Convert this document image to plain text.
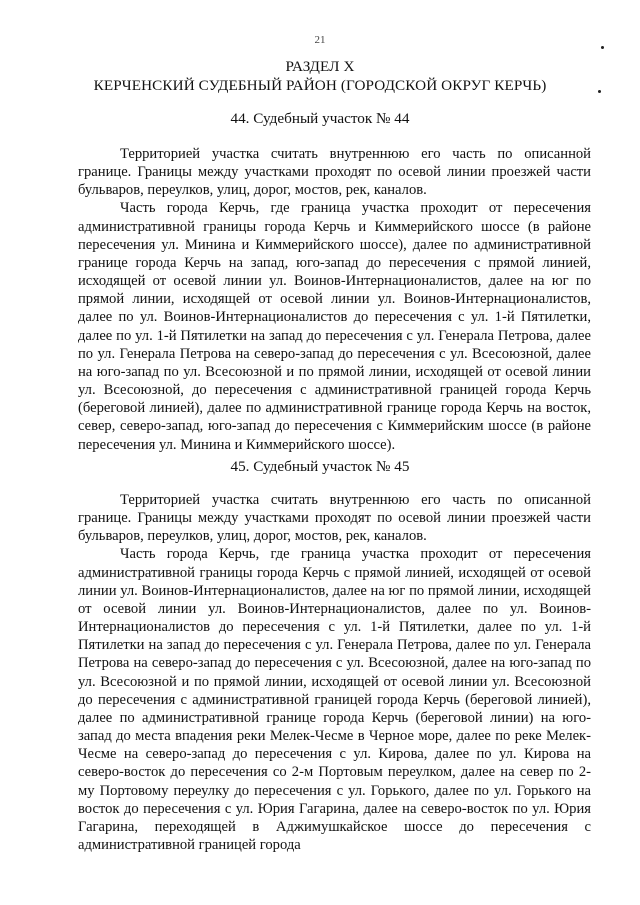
21
РАЗДЕЛ X
КЕРЧЕНСКИЙ СУДЕБНЫЙ РАЙОН (ГОРОДСКОЙ ОКРУГ КЕРЧЬ)
44. Судебный участок № 44

Территорией участка считать внутреннюю его часть по описанной границе. Границы между участками проходят по осевой линии проезжей части бульваров, переулков, улиц, дорог, мостов, рек, каналов.

Часть города Керчь, где граница участка проходит от пересечения административной границы города Керчь и Киммерийского шоссе (в районе пересечения ул. Минина и Киммерийского шоссе), далее по административной границе города Керчь на запад, юго-запад до пересечения с прямой линией, исходящей от осевой линии ул. Воинов-Интернационалистов, далее на юг по прямой линии, исходящей от осевой линии ул. Воинов-Интернационалистов, далее по ул. Воинов-Интернационалистов до пересечения с ул. 1-й Пятилетки, далее по ул. 1-й Пятилетки на запад до пересечения с ул. Генерала Петрова, далее по ул. Генерала Петрова на северо-запад до пересечения с ул. Всесоюзной, далее на юго-запад по ул. Всесоюзной и по прямой линии, исходящей от осевой линии ул. Всесоюзной, до пересечения с административной границей города Керчь (береговой линией), далее по административной границе города Керчь на восток, север, северо-запад, юго-запад до пересечения с Киммерийским шоссе (в районе пересечения ул. Минина и Киммерийского шоссе).

45. Судебный участок № 45

Территорией участка считать внутреннюю его часть по описанной границе. Границы между участками проходят по осевой линии проезжей части бульваров, переулков, улиц, дорог, мостов, рек, каналов.

Часть города Керчь, где граница участка проходит от пересечения административной границы города Керчь с прямой линией, исходящей от осевой линии ул. Воинов-Интернационалистов, далее на юг по прямой линии, исходящей от осевой линии ул. Воинов-Интернационалистов, далее по ул. Воинов-Интернационалистов до пересечения с ул. 1-й Пятилетки, далее по ул. 1-й Пятилетки на запад до пересечения с ул. Генерала Петрова, далее по ул. Генерала Петрова на северо-запад до пересечения с ул. Всесоюзной, далее на юго-запад по ул. Всесоюзной и по прямой линии, исходящей от осевой линии ул. Всесоюзной до пересечения с административной границей города Керчь (береговой линией), далее по административной границе города Керчь (береговой линии) на юго-запад до места впадения реки Мелек-Чесме в Черное море, далее по реке Мелек-Чесме на северо-запад до пересечения с ул. Кирова, далее по ул. Кирова на северо-восток до пересечения со 2-м Портовым переулком, далее на север по 2-му Портовому переулку до пересечения с ул. Горького, далее по ул. Горького на восток до пересечения с ул. Юрия Гагарина, далее на северо-восток по ул. Юрия Гагарина, переходящей в Аджимушкайское шоссе до пересечения с административной границей города
